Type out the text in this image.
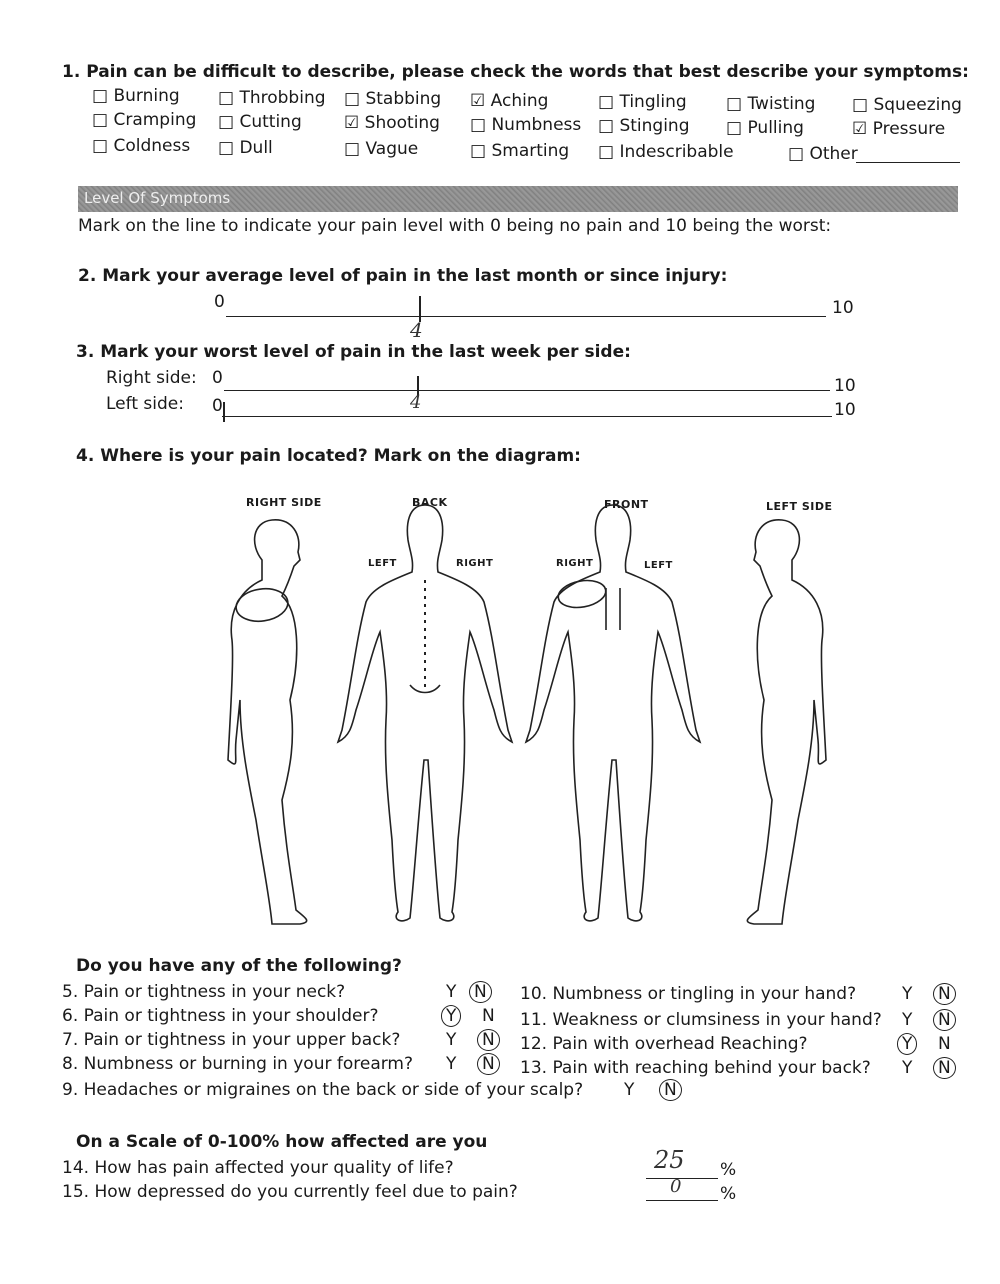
1. Pain can be difficult to describe, please check the words that best describe your symptoms:
□ Burning □ Throbbing □ Stabbing ☑ Aching	□ Tingling □ Twisting □ Squeezing
□ Cramping □ Cutting ☑ Shooting □ Numbness □ Stinging □ Pulling	☑ Pressure
□ Coldness □ Dull	□ Vague	□ Smarting □ Indescribable	□ Other
Level Of Symptoms
Mark on the line to indicate your pain level with 0 being no pain and 10 being the worst:
2. Mark your average level of pain in the last month or since injury:
0
4
10
3. Mark your worst level of pain in the last week per side:
Right side: 0	10
Left side: 0	4	10
4. Where is your pain located? Mark on the diagram:
RIGHT SIDE	BACK	FRONT	LEFT SIDE
LEFT	RIGHT	RIGHT	LEFT
Do you have any of the following?
5. Pain or tightness in your neck?	Y N
6. Pain or tightness in your shoulder?	Y N
7. Pain or tightness in your upper back?	Y N
8. Numbness or burning in your forearm? Y N
9. Headaches or migraines on the back or side of your scalp? Y N
10. Numbness or tingling in your hand?	Y N
11. Weakness or clumsiness in your hand? Y N
12. Pain with overhead Reaching?	Y N
13. Pain with reaching behind your back? Y N
On a Scale of 0-100% how affected are you
14. How has pain affected your quality of life?	25 %
15. How depressed do you currently feel due to pain?	0 %
